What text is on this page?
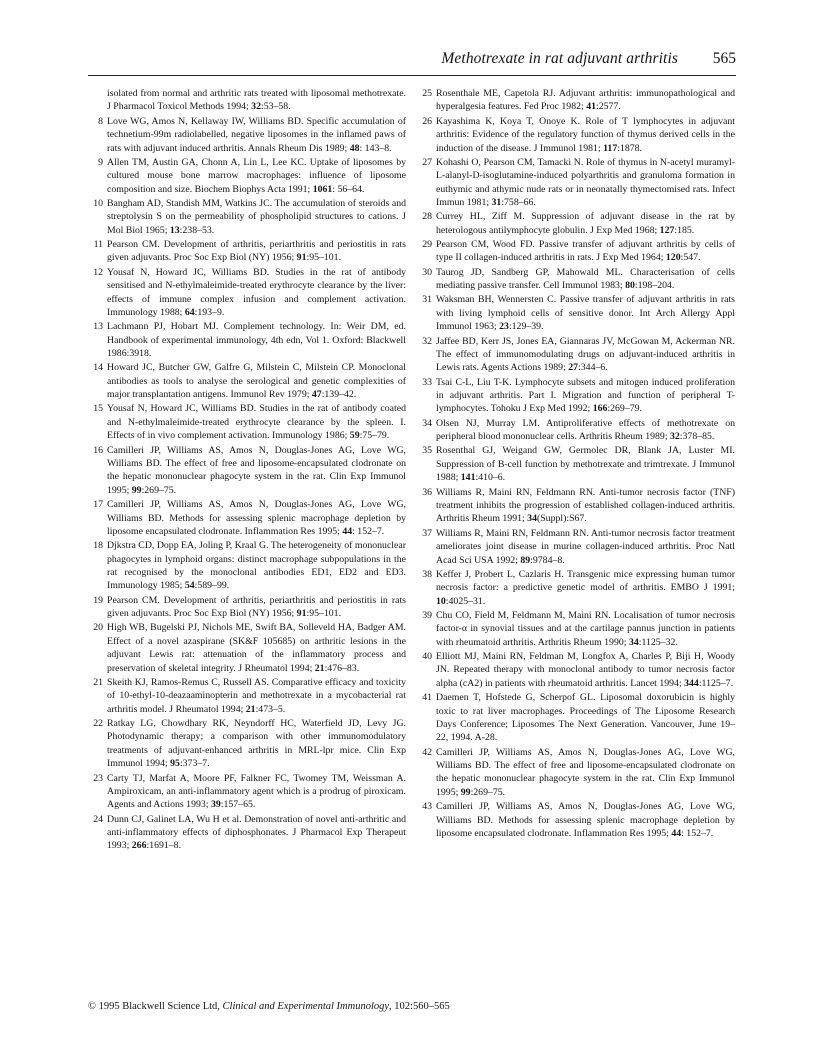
Methotrexate in rat adjuvant arthritis 565

isolated from normal and arthritic rats treated with liposomal methotrexate. J Pharmacol Toxicol Methods 1994; 32:53–58.

8 Love WG, Amos N, Kellaway IW, Williams BD. Specific accumulation of technetium-99m radiolabelled, negative liposomes in the inflamed paws of rats with adjuvant induced arthritis. Annals Rheum Dis 1989; 48: 143–8.

9 Allen TM, Austin GA, Chonn A, Lin L, Lee KC. Uptake of liposomes by cultured mouse bone marrow macrophages: influence of liposome composition and size. Biochem Biophys Acta 1991; 1061: 56–64.

10 Bangham AD, Standish MM, Watkins JC. The accumulation of steroids and streptolysin S on the permeability of phospholipid structures to cations. J Mol Biol 1965; 13:238–53.

11 Pearson CM. Development of arthritis, periarthritis and periostitis in rats given adjuvants. Proc Soc Exp Biol (NY) 1956; 91:95–101.

12 Yousaf N, Howard JC, Williams BD. Studies in the rat of antibody sensitised and N-ethylmaleimide-treated erythrocyte clearance by the liver: effects of immune complex infusion and complement activation. Immunology 1988; 64:193–9.

13 Lachmann PJ, Hobart MJ. Complement technology. In: Weir DM, ed. Handbook of experimental immunology, 4th edn, Vol 1. Oxford: Blackwell 1986:3918.

14 Howard JC, Butcher GW, Galfre G, Milstein C, Milstein CP. Monoclonal antibodies as tools to analyse the serological and genetic complexities of major transplantation antigens. Immunol Rev 1979; 47:139–42.

15 Yousaf N, Howard JC, Williams BD. Studies in the rat of antibody coated and N-ethylmaleimide-treated erythrocyte clearance by the spleen. I. Effects of in vivo complement activation. Immunology 1986; 59:75–79.

16 Camilleri JP, Williams AS, Amos N, Douglas-Jones AG, Love WG, Williams BD. The effect of free and liposome-encapsulated clodronate on the hepatic mononuclear phagocyte system in the rat. Clin Exp Immunol 1995; 99:269–75.

17 Camilleri JP, Williams AS, Amos N, Douglas-Jones AG, Love WG, Williams BD. Methods for assessing splenic macrophage depletion by liposome encapsulated clodronate. Inflammation Res 1995; 44: 152–7.

18 Djkstra CD, Dopp EA, Joling P, Kraal G. The heterogeneity of mononuclear phagocytes in lymphoid organs: distinct macrophage subpopulations in the rat recognised by the monoclonal antibodies ED1, ED2 and ED3. Immunology 1985; 54:589–99.

19 Pearson CM. Development of arthritis, periarthritis and periostitis in rats given adjuvants. Proc Soc Exp Biol (NY) 1956; 91:95–101.

20 High WB, Bugelski PJ, Nichols ME, Swift BA, Solleveld HA, Badger AM. Effect of a novel azaspirane (SK&F 105685) on arthritic lesions in the adjuvant Lewis rat: attenuation of the inflammatory process and preservation of skeletal integrity. J Rheumatol 1994; 21:476–83.

21 Skeith KJ, Ramos-Remus C, Russell AS. Comparative efficacy and toxicity of 10-ethyl-10-deazaaminopterin and methotrexate in a mycobacterial rat arthritis model. J Rheumatol 1994; 21:473–5.

22 Ratkay LG, Chowdhary RK, Neyndorff HC, Waterfield JD, Levy JG. Photodynamic therapy; a comparison with other immunomodulatory treatments of adjuvant-enhanced arthritis in MRL-lpr mice. Clin Exp Immunol 1994; 95:373–7.

23 Carty TJ, Marfat A, Moore PF, Falkner FC, Twomey TM, Weissman A. Ampiroxicam, an anti-inflammatory agent which is a prodrug of piroxicam. Agents and Actions 1993; 39:157–65.

24 Dunn CJ, Galinet LA, Wu H et al. Demonstration of novel anti-arthritic and anti-inflammatory effects of diphosphonates. J Pharmacol Exp Therapeut 1993; 266:1691–8.

25 Rosenthale ME, Capetola RJ. Adjuvant arthritis: immunopathological and hyperalgesia features. Fed Proc 1982; 41:2577.

26 Kayashima K, Koya T, Onoye K. Role of T lymphocytes in adjuvant arthritis: Evidence of the regulatory function of thymus derived cells in the induction of the disease. J Immunol 1981; 117:1878.

27 Kohashi O, Pearson CM, Tamacki N. Role of thymus in N-acetyl muramyl-L-alanyl-D-isoglutamine-induced polyarthritis and granuloma formation in euthymic and athymic nude rats or in neonatally thymectomised rats. Infect Immun 1981; 31:758–66.

28 Currey HL, Ziff M. Suppression of adjuvant disease in the rat by heterologous antilymphocyte globulin. J Exp Med 1968; 127:185.

29 Pearson CM, Wood FD. Passive transfer of adjuvant arthritis by cells of type II collagen-induced arthritis in rats. J Exp Med 1964; 120:547.

30 Taurog JD, Sandberg GP, Mahowald ML. Characterisation of cells mediating passive transfer. Cell Immunol 1983; 80:198–204.

31 Waksman BH, Wennersten C. Passive transfer of adjuvant arthritis in rats with living lymphoid cells of sensitive donor. Int Arch Allergy Appl Immunol 1963; 23:129–39.

32 Jaffee BD, Kerr JS, Jones EA, Giannaras JV, McGowan M, Ackerman NR. The effect of immunomodulating drugs on adjuvant-induced arthritis in Lewis rats. Agents Actions 1989; 27:344–6.

33 Tsai C-L, Liu T-K. Lymphocyte subsets and mitogen induced proliferation in adjuvant arthritis. Part I. Migration and function of peripheral T-lymphocytes. Tohoku J Exp Med 1992; 166:269–79.

34 Olsen NJ, Murray LM. Antiproliferative effects of methotrexate on peripheral blood mononuclear cells. Arthritis Rheum 1989; 32:378–85.

35 Rosenthal GJ, Weigand GW, Germolec DR, Blank JA, Luster MI. Suppression of B-cell function by methotrexate and trimtrexate. J Immunol 1988; 141:410–6.

36 Williams R, Maini RN, Feldmann RN. Anti-tumor necrosis factor (TNF) treatment inhibits the progression of established collagen-induced arthritis. Arthritis Rheum 1991; 34(Suppl):S67.

37 Williams R, Maini RN, Feldmann RN. Anti-tumor necrosis factor treatment ameliorates joint disease in murine collagen-induced arthritis. Proc Natl Acad Sci USA 1992; 89:9784–8.

38 Keffer J, Probert L, Cazlaris H. Transgenic mice expressing human tumor necrosis factor: a predictive genetic model of arthritis. EMBO J 1991; 10:4025–31.

39 Chu CO, Field M, Feldmann M, Maini RN. Localisation of tumor necrosis factor-α in synovial tissues and at the cartilage pannus junction in patients with rheumatoid arthritis. Arthritis Rheum 1990; 34:1125–32.

40 Elliott MJ, Maini RN, Feldman M, Longfox A, Charles P, Biji H, Woody JN. Repeated therapy with monoclonal antibody to tumor necrosis factor alpha (cA2) in patients with rheumatoid arthritis. Lancet 1994; 344:1125–7.

41 Daemen T, Hofstede G, Scherpof GL. Liposomal doxorubicin is highly toxic to rat liver macrophages. Proceedings of The Liposome Research Days Conference; Liposomes The Next Generation. Vancouver, June 19–22, 1994. A-28.

42 Camilleri JP, Williams AS, Amos N, Douglas-Jones AG, Love WG, Williams BD. The effect of free and liposome-encapsulated clodronate on the hepatic mononuclear phagocyte system in the rat. Clin Exp Immunol 1995; 99:269–75.

43 Camilleri JP, Williams AS, Amos N, Douglas-Jones AG, Love WG, Williams BD. Methods for assessing splenic macrophage depletion by liposome encapsulated clodronate. Inflammation Res 1995; 44: 152–7.

© 1995 Blackwell Science Ltd, Clinical and Experimental Immunology, 102:560–565
